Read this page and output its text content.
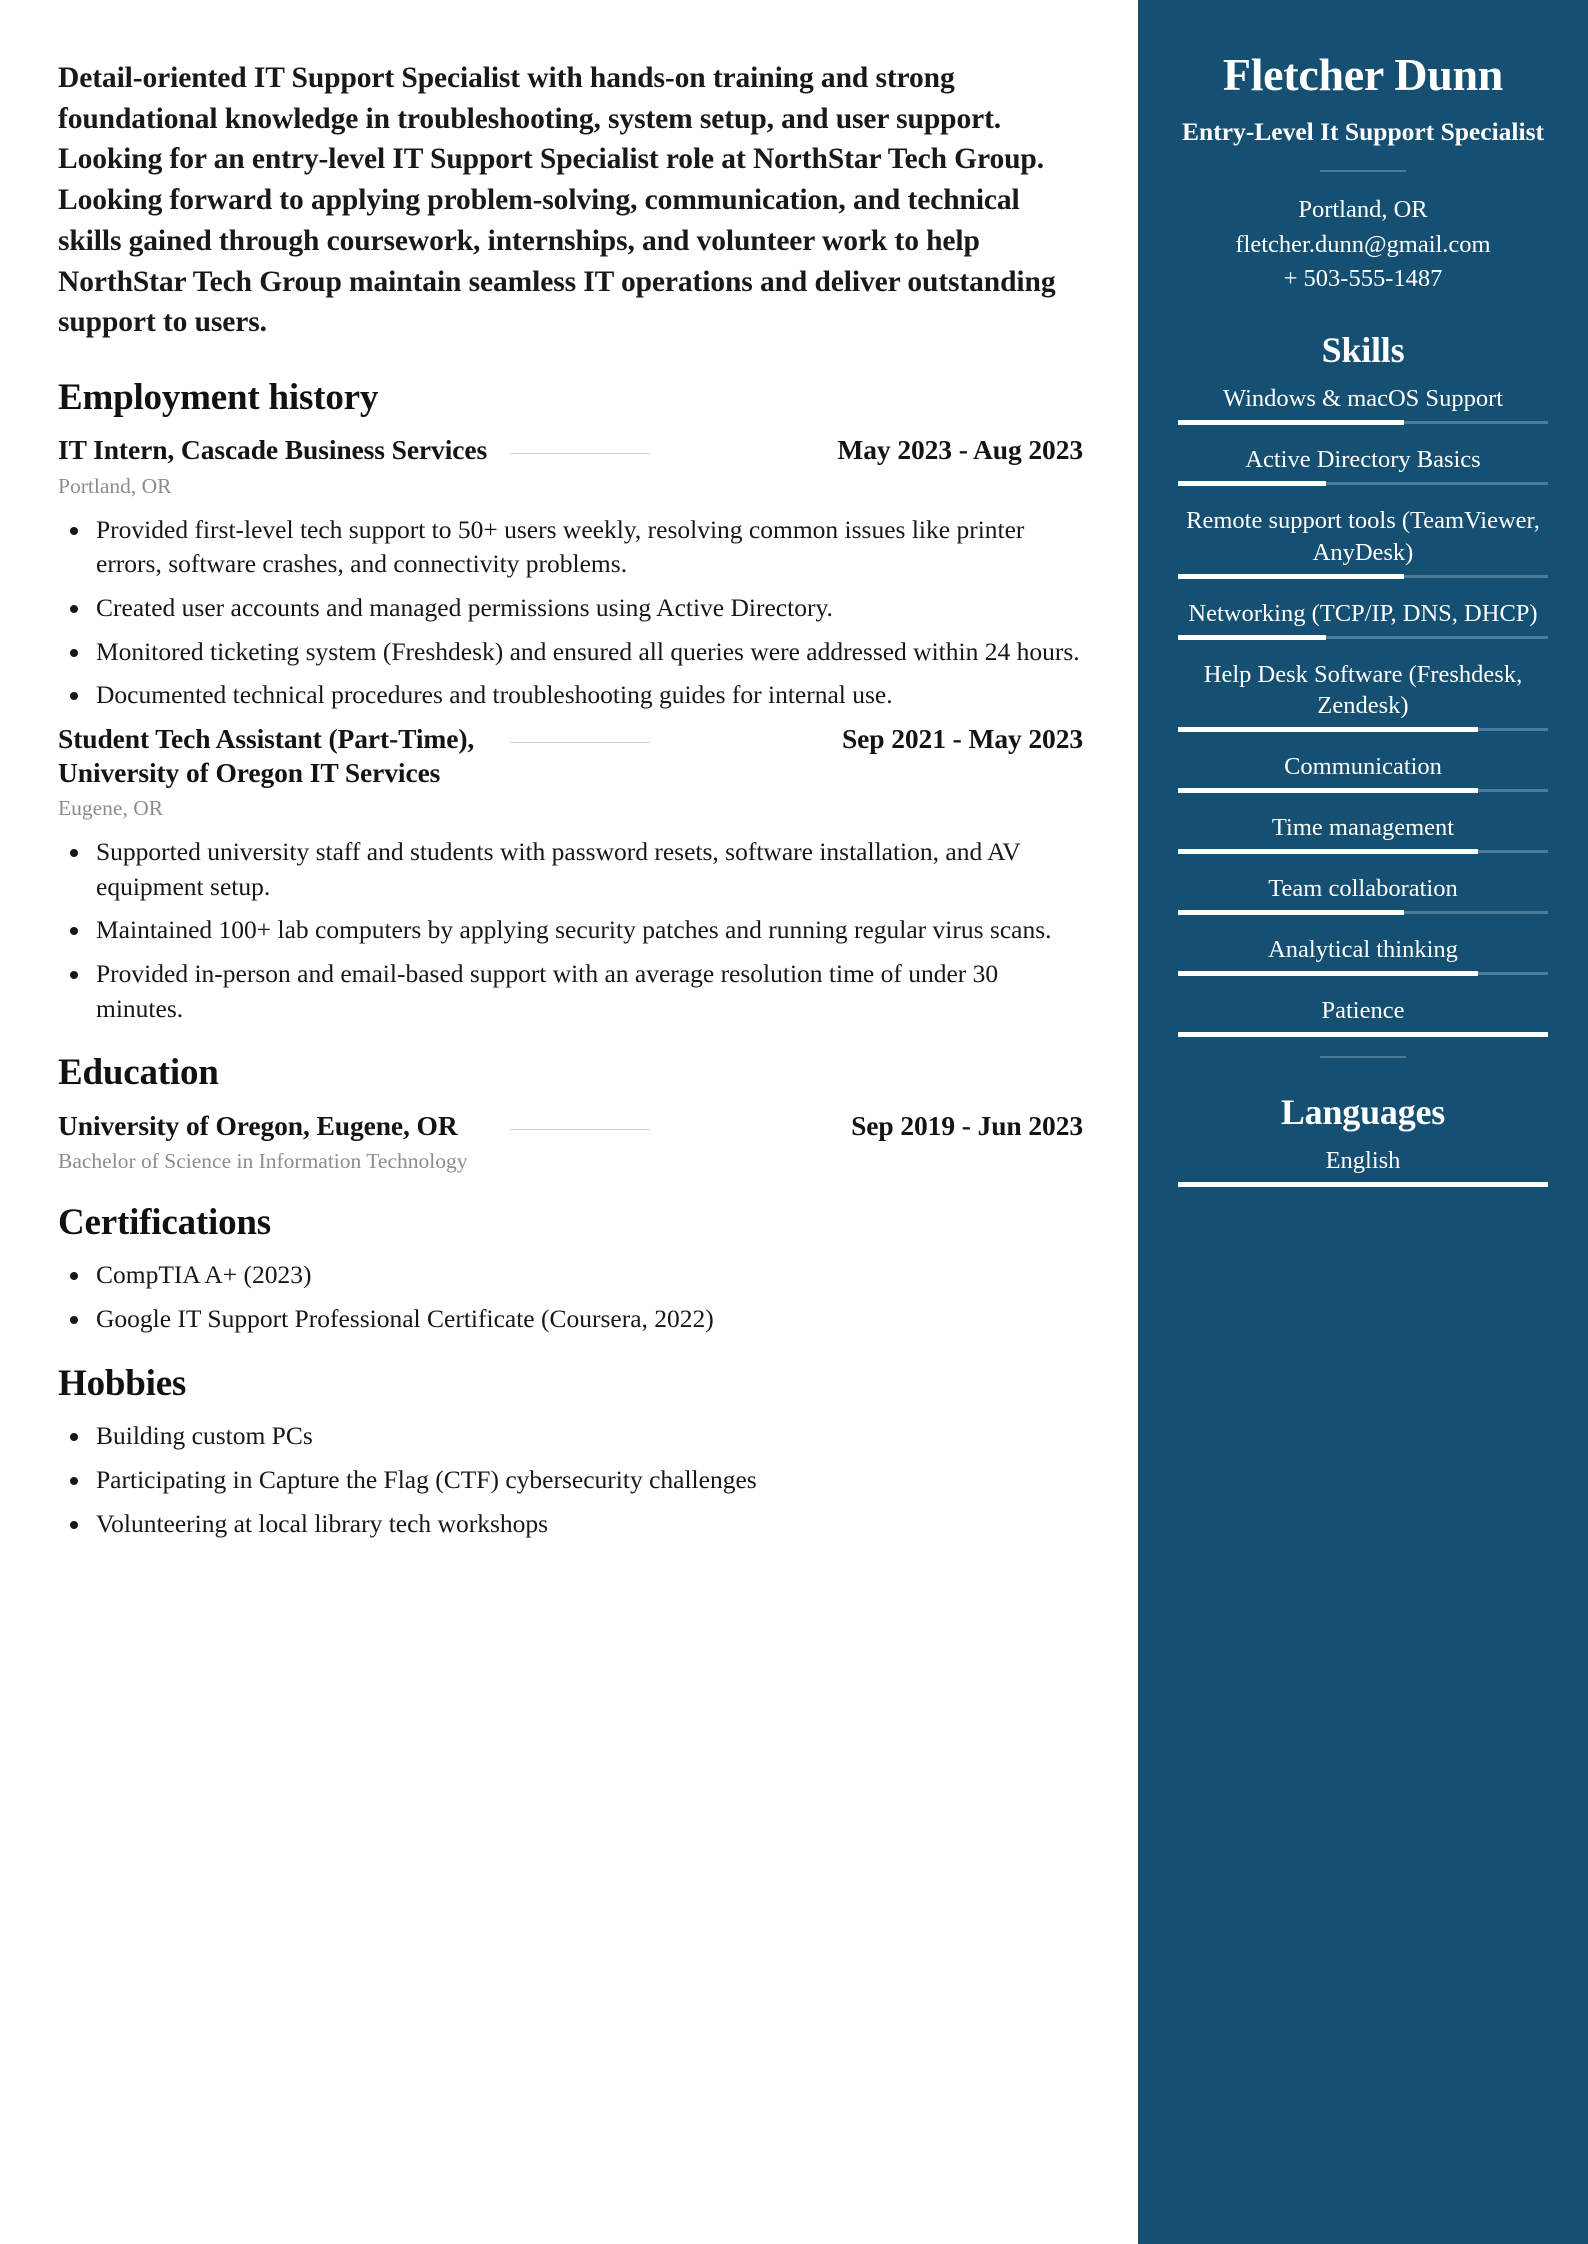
Detail-oriented IT Support Specialist with hands-on training and strong foundational knowledge in troubleshooting, system setup, and user support. Looking for an entry-level IT Support Specialist role at NorthStar Tech Group. Looking forward to applying problem-solving, communication, and technical skills gained through coursework, internships, and volunteer work to help NorthStar Tech Group maintain seamless IT operations and deliver outstanding support to users.

Employment history
IT Intern, Cascade Business Services	May 2023 - Aug 2023
Portland, OR
Provided first-level tech support to 50+ users weekly, resolving common issues like printer errors, software crashes, and connectivity problems.
Created user accounts and managed permissions using Active Directory.
Monitored ticketing system (Freshdesk) and ensured all queries were addressed within 24 hours.
Documented technical procedures and troubleshooting guides for internal use.
Student Tech Assistant (Part-Time), University of Oregon IT Services
Sep 2021 - May 2023
Eugene, OR
Supported university staff and students with password resets, software installation, and AV equipment setup.
Maintained 100+ lab computers by applying security patches and running regular virus scans.
Provided in-person and email-based support with an average resolution time of under 30 minutes.
Education
University of Oregon, Eugene, OR	Sep 2019 - Jun 2023
Bachelor of Science in Information Technology
Certifications
CompTIA A+ (2023)
Google IT Support Professional Certificate (Coursera, 2022)
Hobbies
Building custom PCs
Participating in Capture the Flag (CTF) cybersecurity challenges
Volunteering at local library tech workshops
Fletcher Dunn
Entry-Level It Support Specialist
Portland, OR
fletcher.dunn@gmail.com
+ 503-555-1487
Skills
Windows & macOS Support
Active Directory Basics
Remote support tools (TeamViewer, AnyDesk)
Networking (TCP/IP, DNS, DHCP)
Help Desk Software (Freshdesk, Zendesk)
Communication
Time management
Team collaboration
Analytical thinking
Patience
Languages
English
